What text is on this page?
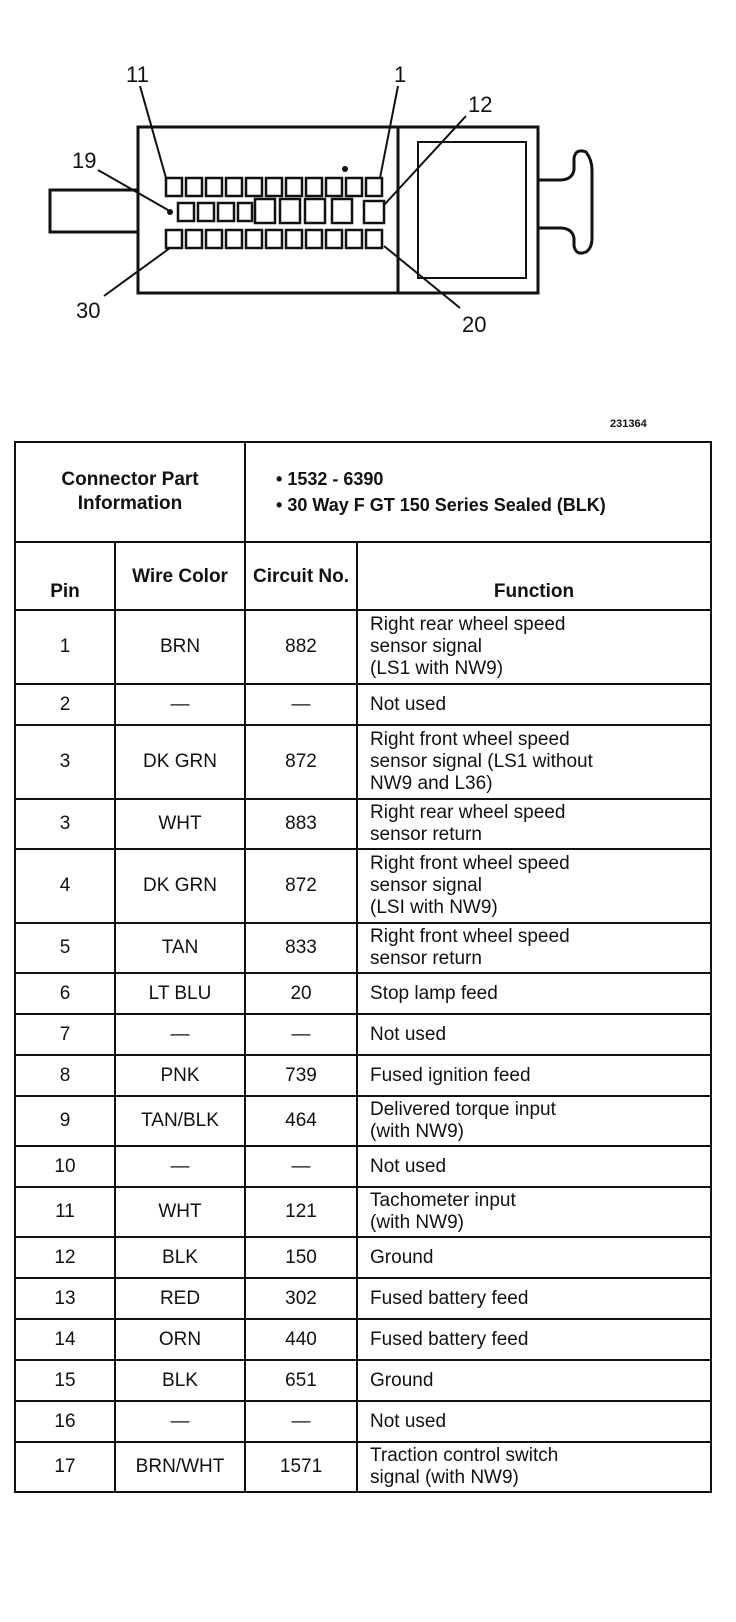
11	1
12
19
30
20
231364
Connector Part Information		• 1532 - 6390
• 30 Way F GT 150 Series Sealed (BLK)	

Pin	Wire Color	Circuit No.	Function
1	BRN	882	Right rear wheel speed
sensor signal
(LS1 with NW9)
2	—	—	Not used
3	DK GRN	872	Right front wheel speed
sensor signal (LS1 without
NW9 and L36)
3	WHT	883	Right rear wheel speed
sensor return
4	DK GRN	872	Right front wheel speed
sensor signal
(LSI with NW9)
5	TAN	833	Right front wheel speed
sensor return
6	LT BLU	20	Stop lamp feed
7	—	—	Not used
8	PNK	739	Fused ignition feed
9	TAN/BLK	464	Delivered torque input
(with NW9)
10	—	—	Not used
11	WHT	121	Tachometer input
(with NW9)
12	BLK	150	Ground
13	RED	302	Fused battery feed
14	ORN	440	Fused battery feed
15	BLK	651	Ground
16	—	—	Not used
17	BRN/WHT	1571	Traction control switch
signal (with NW9)
